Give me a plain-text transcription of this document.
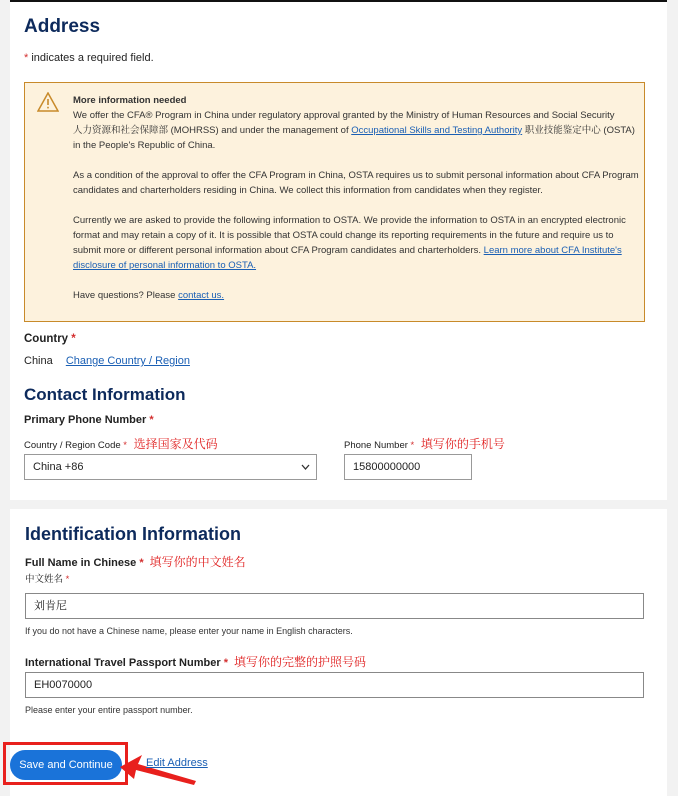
Address
* indicates a required field.

More information needed

We offer the CFA® Program in China under regulatory approval granted by the Ministry of Human Resources and Social Security

人力资源和社会保障部 (MOHRSS) and under the management of Occupational Skills and Testing Authority 职业技能鉴定中心 (OSTA)

in the People's Republic of China.

As a condition of the approval to offer the CFA Program in China, OSTA requires us to submit personal information about CFA Program

candidates and charterholders residing in China. We collect this information from candidates when they register.

Currently we are asked to provide the following information to OSTA. We provide the information to OSTA in an encrypted electronic

format and may retain a copy of it. It is possible that OSTA could change its reporting requirements in the future and require us to

submit more or different personal information about CFA Program candidates and charterholders. Learn more about CFA Institute's

disclosure of personal information to OSTA.

Have questions? Please contact us.

Country *
China Change Country / Region
Contact Information
Primary Phone Number *
Country / Region Code * 选择国家及代码
China +86
Phone Number * 填写你的手机号
15800000000
Identification Information
Full Name in Chinese * 填写你的中文姓名
中文姓名 *
刘肯尼
If you do not have a Chinese name, please enter your name in English characters.
International Travel Passport Number * 填写你的完整的护照号码
EH0070000
Please enter your entire passport number.
Save and Continue	Edit Address
